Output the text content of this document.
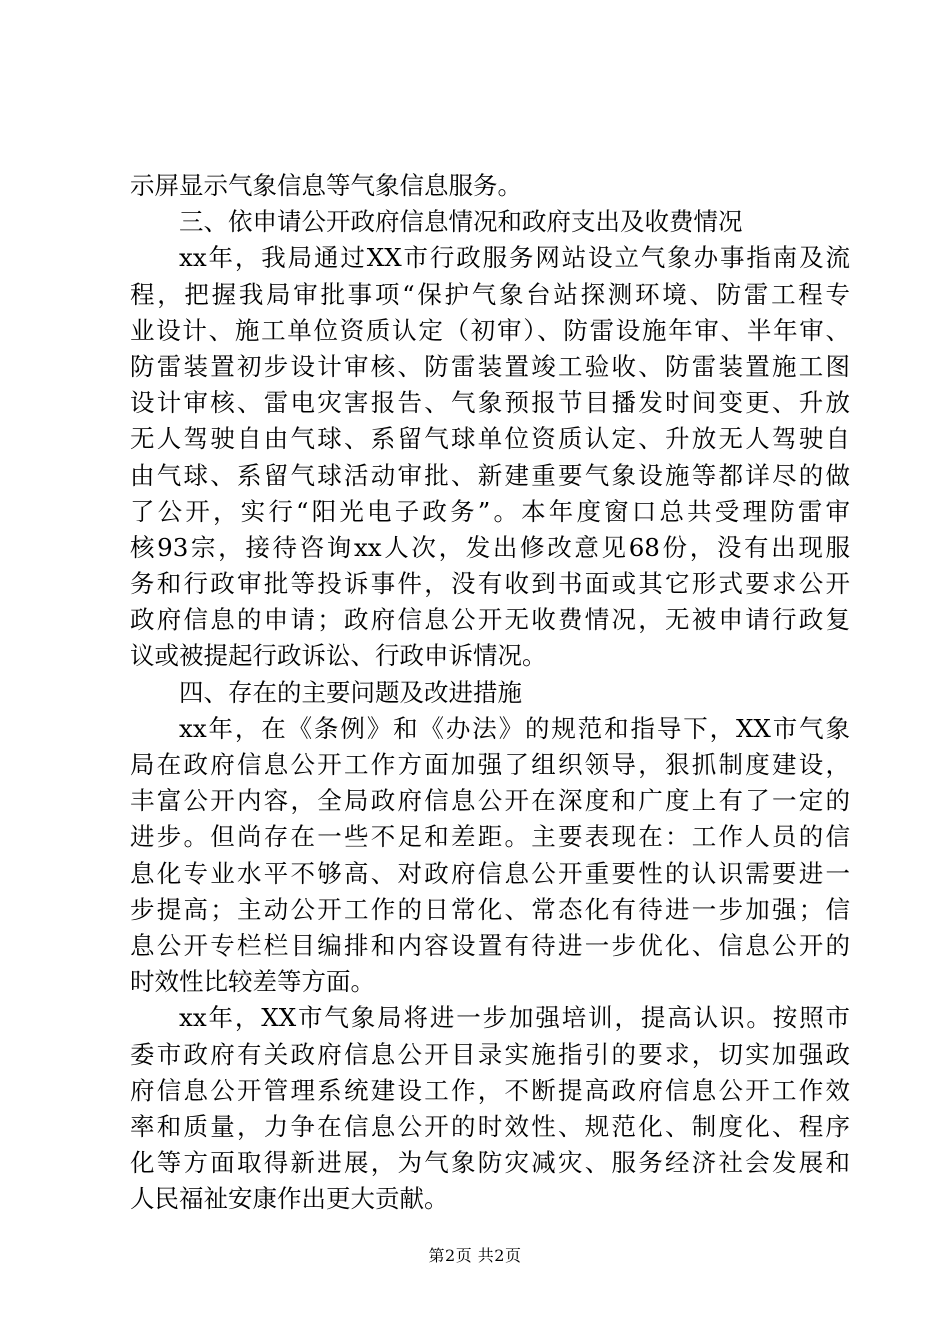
示屏显示气象信息等气象信息服务。
三、依申请公开政府信息情况和政府支出及收费情况
xx年，我局通过XX市行政服务网站设立气象办事指南及流
程，把握我局审批事项“保护气象台站探测环境、防雷工程专
业设计、施工单位资质认定（初审）、防雷设施年审、半年审、
防雷装置初步设计审核、防雷装置竣工验收、防雷装置施工图
设计审核、雷电灾害报告、气象预报节目播发时间变更、升放
无人驾驶自由气球、系留气球单位资质认定、升放无人驾驶自
由气球、系留气球活动审批、新建重要气象设施等都详尽的做
了公开，实行“阳光电子政务”。本年度窗口总共受理防雷审
核93宗，接待咨询xx人次，发出修改意见68份，没有出现服
务和行政审批等投诉事件，没有收到书面或其它形式要求公开
政府信息的申请；政府信息公开无收费情况，无被申请行政复
议或被提起行政诉讼、行政申诉情况。
四、存在的主要问题及改进措施
xx年，在《条例》和《办法》的规范和指导下，XX市气象
局在政府信息公开工作方面加强了组织领导，狠抓制度建设，
丰富公开内容，全局政府信息公开在深度和广度上有了一定的
进步。但尚存在一些不足和差距。主要表现在：工作人员的信
息化专业水平不够高、对政府信息公开重要性的认识需要进一
步提高；主动公开工作的日常化、常态化有待进一步加强；信
息公开专栏栏目编排和内容设置有待进一步优化、信息公开的
时效性比较差等方面。
xx年，XX市气象局将进一步加强培训，提高认识。按照市
委市政府有关政府信息公开目录实施指引的要求，切实加强政
府信息公开管理系统建设工作，不断提高政府信息公开工作效
率和质量，力争在信息公开的时效性、规范化、制度化、程序
化等方面取得新进展，为气象防灾减灾、服务经济社会发展和
人民福祉安康作出更大贡献。
第2页 共2页
